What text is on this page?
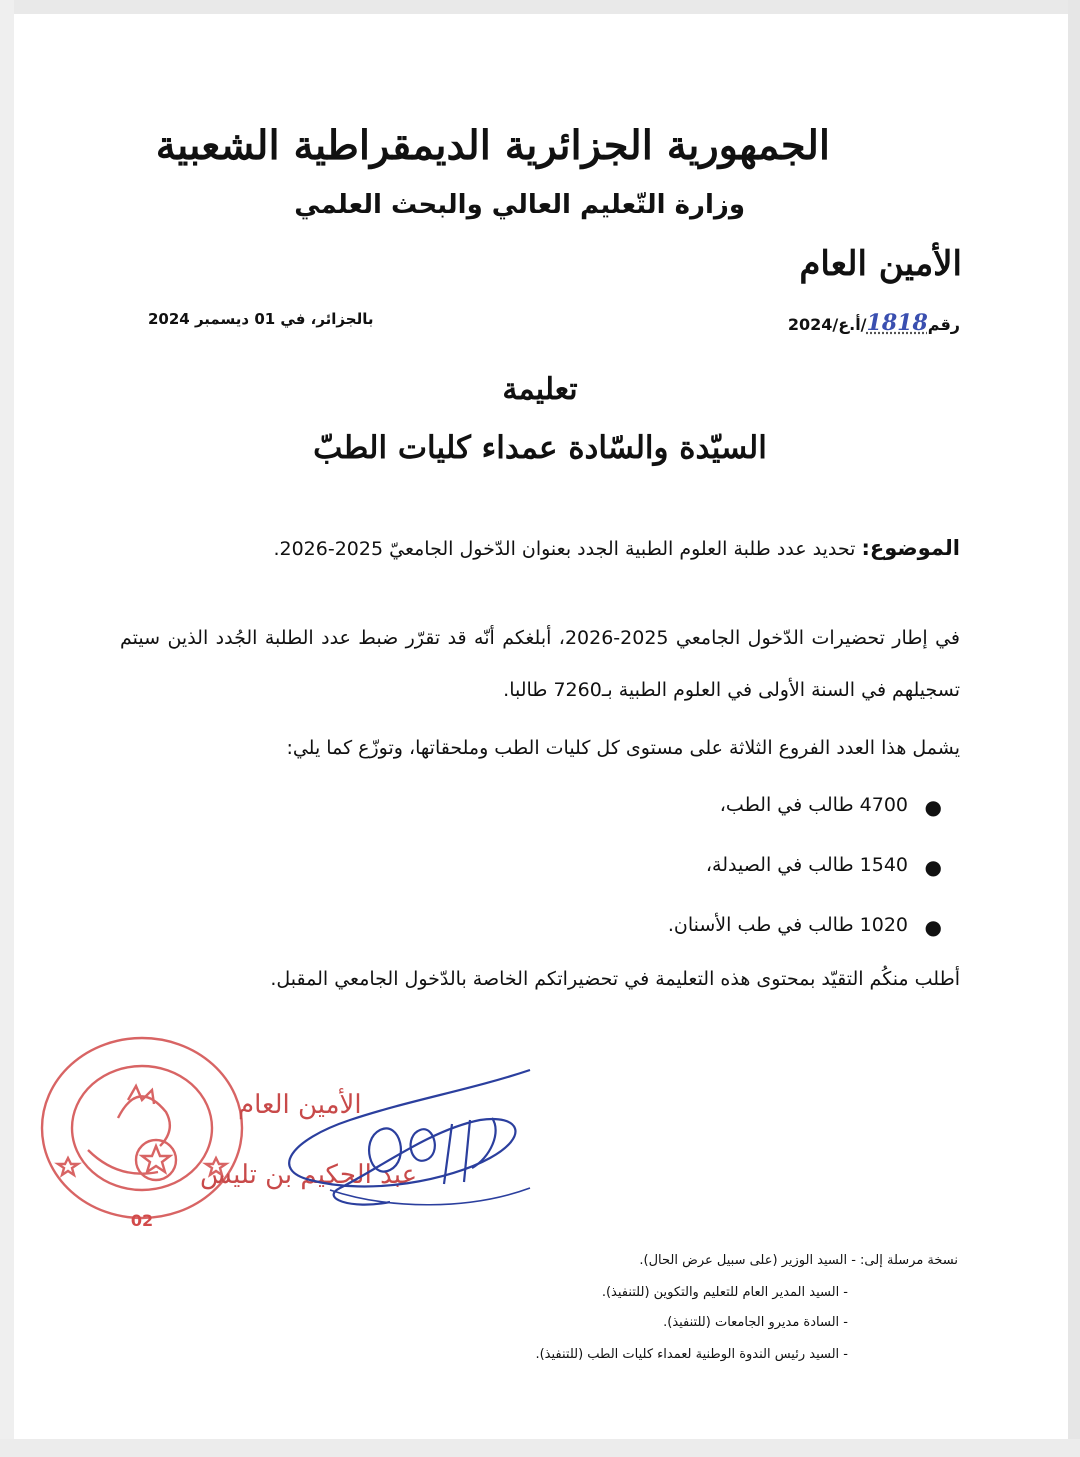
الجمهورية الجزائرية الديمقراطية الشعبية
وزارة التّعليم العالي والبحث العلمي
الأمين العام
رقم1818/أ.ع/2024
بالجزائر، في 01 ديسمبر 2024
تعليمة
السيّدة والسّادة عمداء كليات الطبّ
الموضوع: تحديد عدد طلبة العلوم الطبية الجدد بعنوان الدّخول الجامعيّ 2025-2026.
في إطار تحضيرات الدّخول الجامعي 2025-2026، أبلغكم أنّه قد تقرّر ضبط عدد الطلبة الجُدد الذين سيتم تسجيلهم في السنة الأولى في العلوم الطبية بـ7260 طالبا.
يشمل هذا العدد الفروع الثلاثة على مستوى كل كليات الطب وملحقاتها، وتوزّع كما يلي:
●
4700 طالب في الطب،
●
1540 طالب في الصيدلة،
●
1020 طالب في طب الأسنان.
أطلب منكُم التقيّد بمحتوى هذه التعليمة في تحضيراتكم الخاصة بالدّخول الجامعي المقبل.
02
الأمين العام
عبد الحكيم بن تليس
نسخة مرسلة إلى: - السيد الوزير (على سبيل عرض الحال).
- السيد المدير العام للتعليم والتكوين (للتنفيذ).
- السادة مديرو الجامعات (للتنفيذ).
- السيد رئيس الندوة الوطنية لعمداء كليات الطب (للتنفيذ).
